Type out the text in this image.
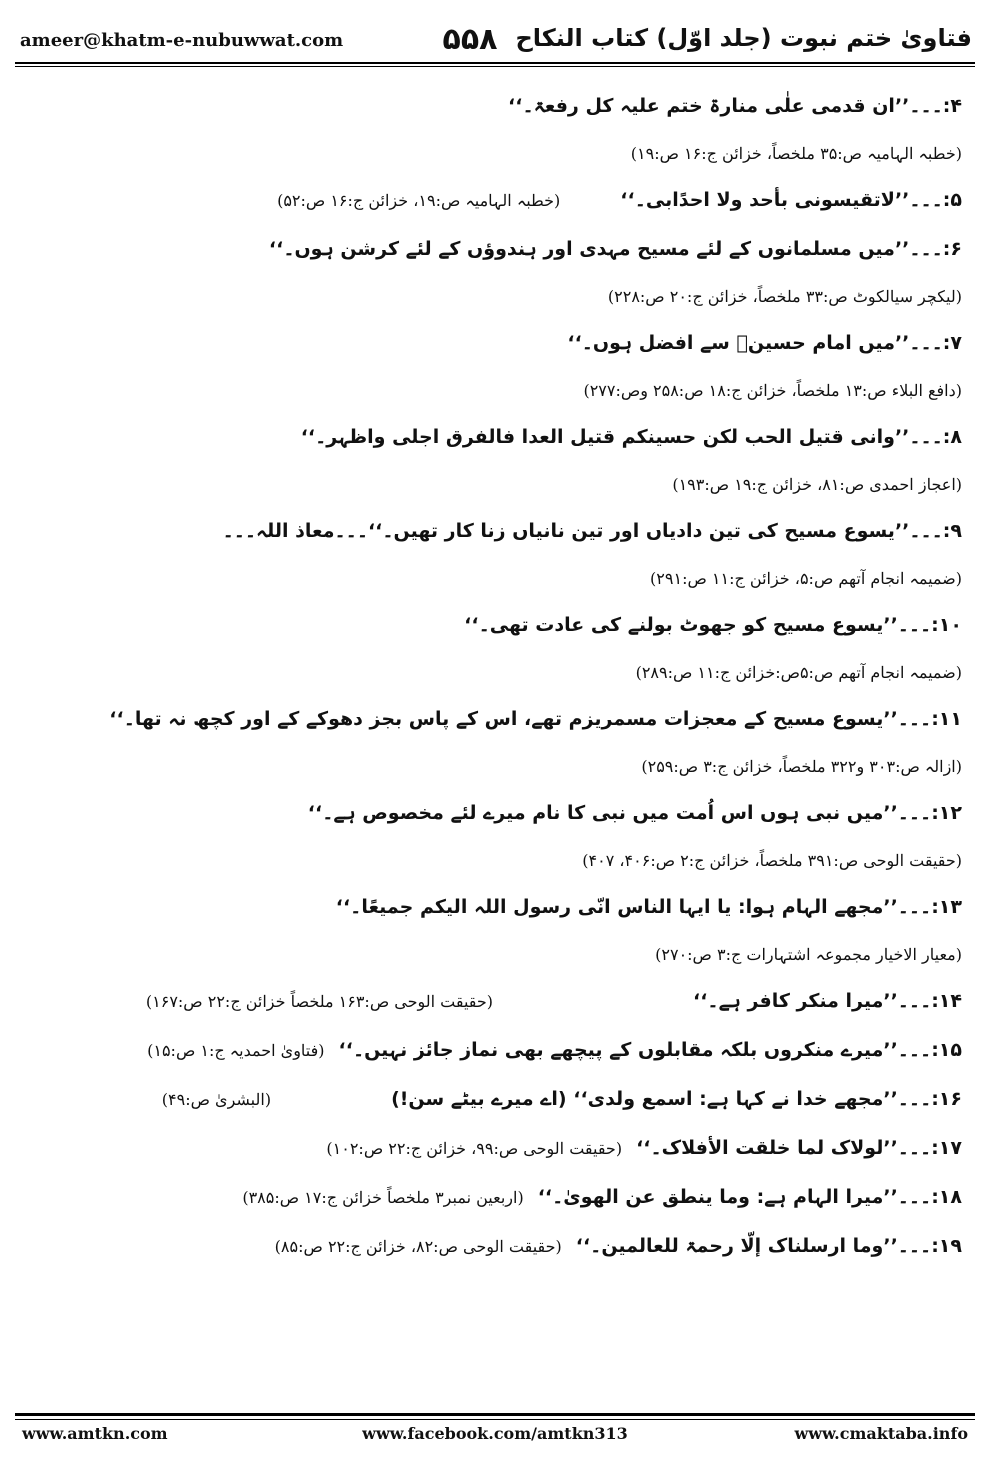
ameer@khatm-e-nubuwwat.com	۵۵۸ فتاویٰ ختم نبوت (جلد اوّل) کتاب النکاح
۴:۔۔۔’’ان قدمی علٰی منارۃ ختم علیہ کل رفعۃ۔‘‘
(خطبہ الہامیہ ص:۳۵ ملخصاً، خزائن ج:۱۶ ص:۱۹)
۵:۔۔۔’’لاتقیسونی بأحد ولا احدًابی۔‘‘(خطبہ الہامیہ ص:۱۹، خزائن ج:۱۶ ص:۵۲)
۶:۔۔۔’’میں مسلمانوں کے لئے مسیح مہدی اور ہندوؤں کے لئے کرشن ہوں۔‘‘
(لیکچر سیالکوٹ ص:۳۳ ملخصاً، خزائن ج:۲۰ ص:۲۲۸)
۷:۔۔۔’’میں امام حسینؓ سے افضل ہوں۔‘‘
(دافع البلاء ص:۱۳ ملخصاً، خزائن ج:۱۸ ص:۲۵۸ وص:۲۷۷)
۸:۔۔۔’’وانی قتیل الحب لکن حسینکم قتیل العدا فالفرق اجلی واظہر۔‘‘
(اعجاز احمدی ص:۸۱، خزائن ج:۱۹ ص:۱۹۳)
۹:۔۔۔’’یسوع مسیح کی تین دادیاں اور تین نانیاں زنا کار تھیں۔‘‘۔۔۔معاذ اللہ۔۔۔
(ضمیمہ انجام آتھم ص:۵، خزائن ج:۱۱ ص:۲۹۱)
۱۰:۔۔۔’’یسوع مسیح کو جھوٹ بولنے کی عادت تھی۔‘‘
(ضمیمہ انجام آتھم ص:۵ص:خزائن ج:۱۱ ص:۲۸۹)
۱۱:۔۔۔’’یسوع مسیح کے معجزات مسمریزم تھے، اس کے پاس بجز دھوکے کے اور کچھ نہ تھا۔‘‘
(ازالہ ص:۳۰۳ و۳۲۲ ملخصاً، خزائن ج:۳ ص:۲۵۹)
۱۲:۔۔۔’’میں نبی ہوں اس اُمت میں نبی کا نام میرے لئے مخصوص ہے۔‘‘
(حقیقت الوحی ص:۳۹۱ ملخصاً، خزائن ج:۲ ص:۴۰۶، ۴۰۷)
۱۳:۔۔۔’’مجھے الہام ہوا: یا ایہا الناس انّی رسول اللہ الیکم جمیعًا۔‘‘
(معیار الاخیار مجموعہ اشتہارات ج:۳ ص:۲۷۰)
۱۴:۔۔۔’’میرا منکر کافر ہے۔‘‘(حقیقت الوحی ص:۱۶۳ ملخصاً خزائن ج:۲۲ ص:۱۶۷)
۱۵:۔۔۔’’میرے منکروں بلکہ مقابلوں کے پیچھے بھی نماز جائز نہیں۔‘‘(فتاویٰ احمدیہ ج:۱ ص:۱۵)
۱۶:۔۔۔’’مجھے خدا نے کہا ہے: اسمع ولدی‘‘ (اے میرے بیٹے سن!)(البشریٰ ص:۴۹)
۱۷:۔۔۔’’لولاک لما خلقت الأفلاک۔‘‘(حقیقت الوحی ص:۹۹، خزائن ج:۲۲ ص:۱۰۲)
۱۸:۔۔۔’’میرا الہام ہے: وما ینطق عن الھویٰ۔‘‘(اربعین نمبر۳ ملخصاً خزائن ج:۱۷ ص:۳۸۵)
۱۹:۔۔۔’’وما ارسلناک إلّا رحمۃ للعالمین۔‘‘(حقیقت الوحی ص:۸۲، خزائن ج:۲۲ ص:۸۵)
www.amtkn.com	www.facebook.com/amtkn313	www.cmaktaba.info
